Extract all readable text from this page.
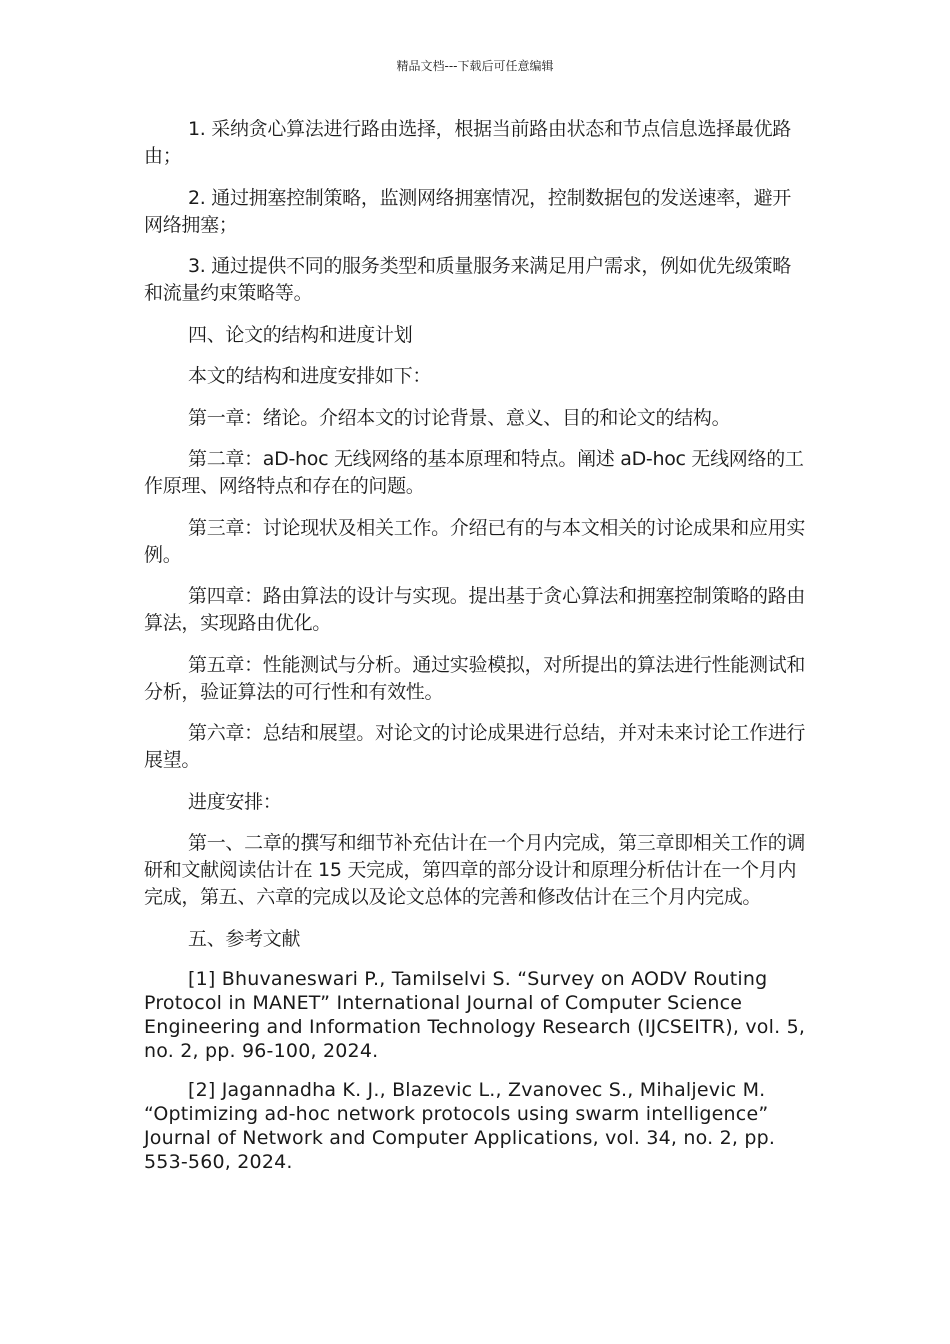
精品文档---下载后可任意编辑

1. 采纳贪心算法进行路由选择，根据当前路由状态和节点信息选择最优路由；

2. 通过拥塞控制策略，监测网络拥塞情况，控制数据包的发送速率，避开网络拥塞；

3. 通过提供不同的服务类型和质量服务来满足用户需求，例如优先级策略和流量约束策略等。

四、论文的结构和进度计划

本文的结构和进度安排如下：

第一章：绪论。介绍本文的讨论背景、意义、目的和论文的结构。

第二章：aD-hoc 无线网络的基本原理和特点。阐述 aD-hoc 无线网络的工作原理、网络特点和存在的问题。

第三章：讨论现状及相关工作。介绍已有的与本文相关的讨论成果和应用实例。

第四章：路由算法的设计与实现。提出基于贪心算法和拥塞控制策略的路由算法，实现路由优化。

第五章：性能测试与分析。通过实验模拟，对所提出的算法进行性能测试和分析，验证算法的可行性和有效性。

第六章：总结和展望。对论文的讨论成果进行总结，并对未来讨论工作进行展望。

进度安排：

第一、二章的撰写和细节补充估计在一个月内完成，第三章即相关工作的调研和文献阅读估计在 15 天完成，第四章的部分设计和原理分析估计在一个月内完成，第五、六章的完成以及论文总体的完善和修改估计在三个月内完成。

五、参考文献

[1] Bhuvaneswari P., Tamilselvi S. “Survey on AODV Routing Protocol in MANET” International Journal of Computer Science Engineering and Information Technology Research (IJCSEITR), vol. 5, no. 2, pp. 96-100, 2024.

[2] Jagannadha K. J., Blazevic L., Zvanovec S., Mihaljevic M. “Optimizing ad-hoc network protocols using swarm intelligence” Journal of Network and Computer Applications, vol. 34, no. 2, pp. 553-560, 2024.
